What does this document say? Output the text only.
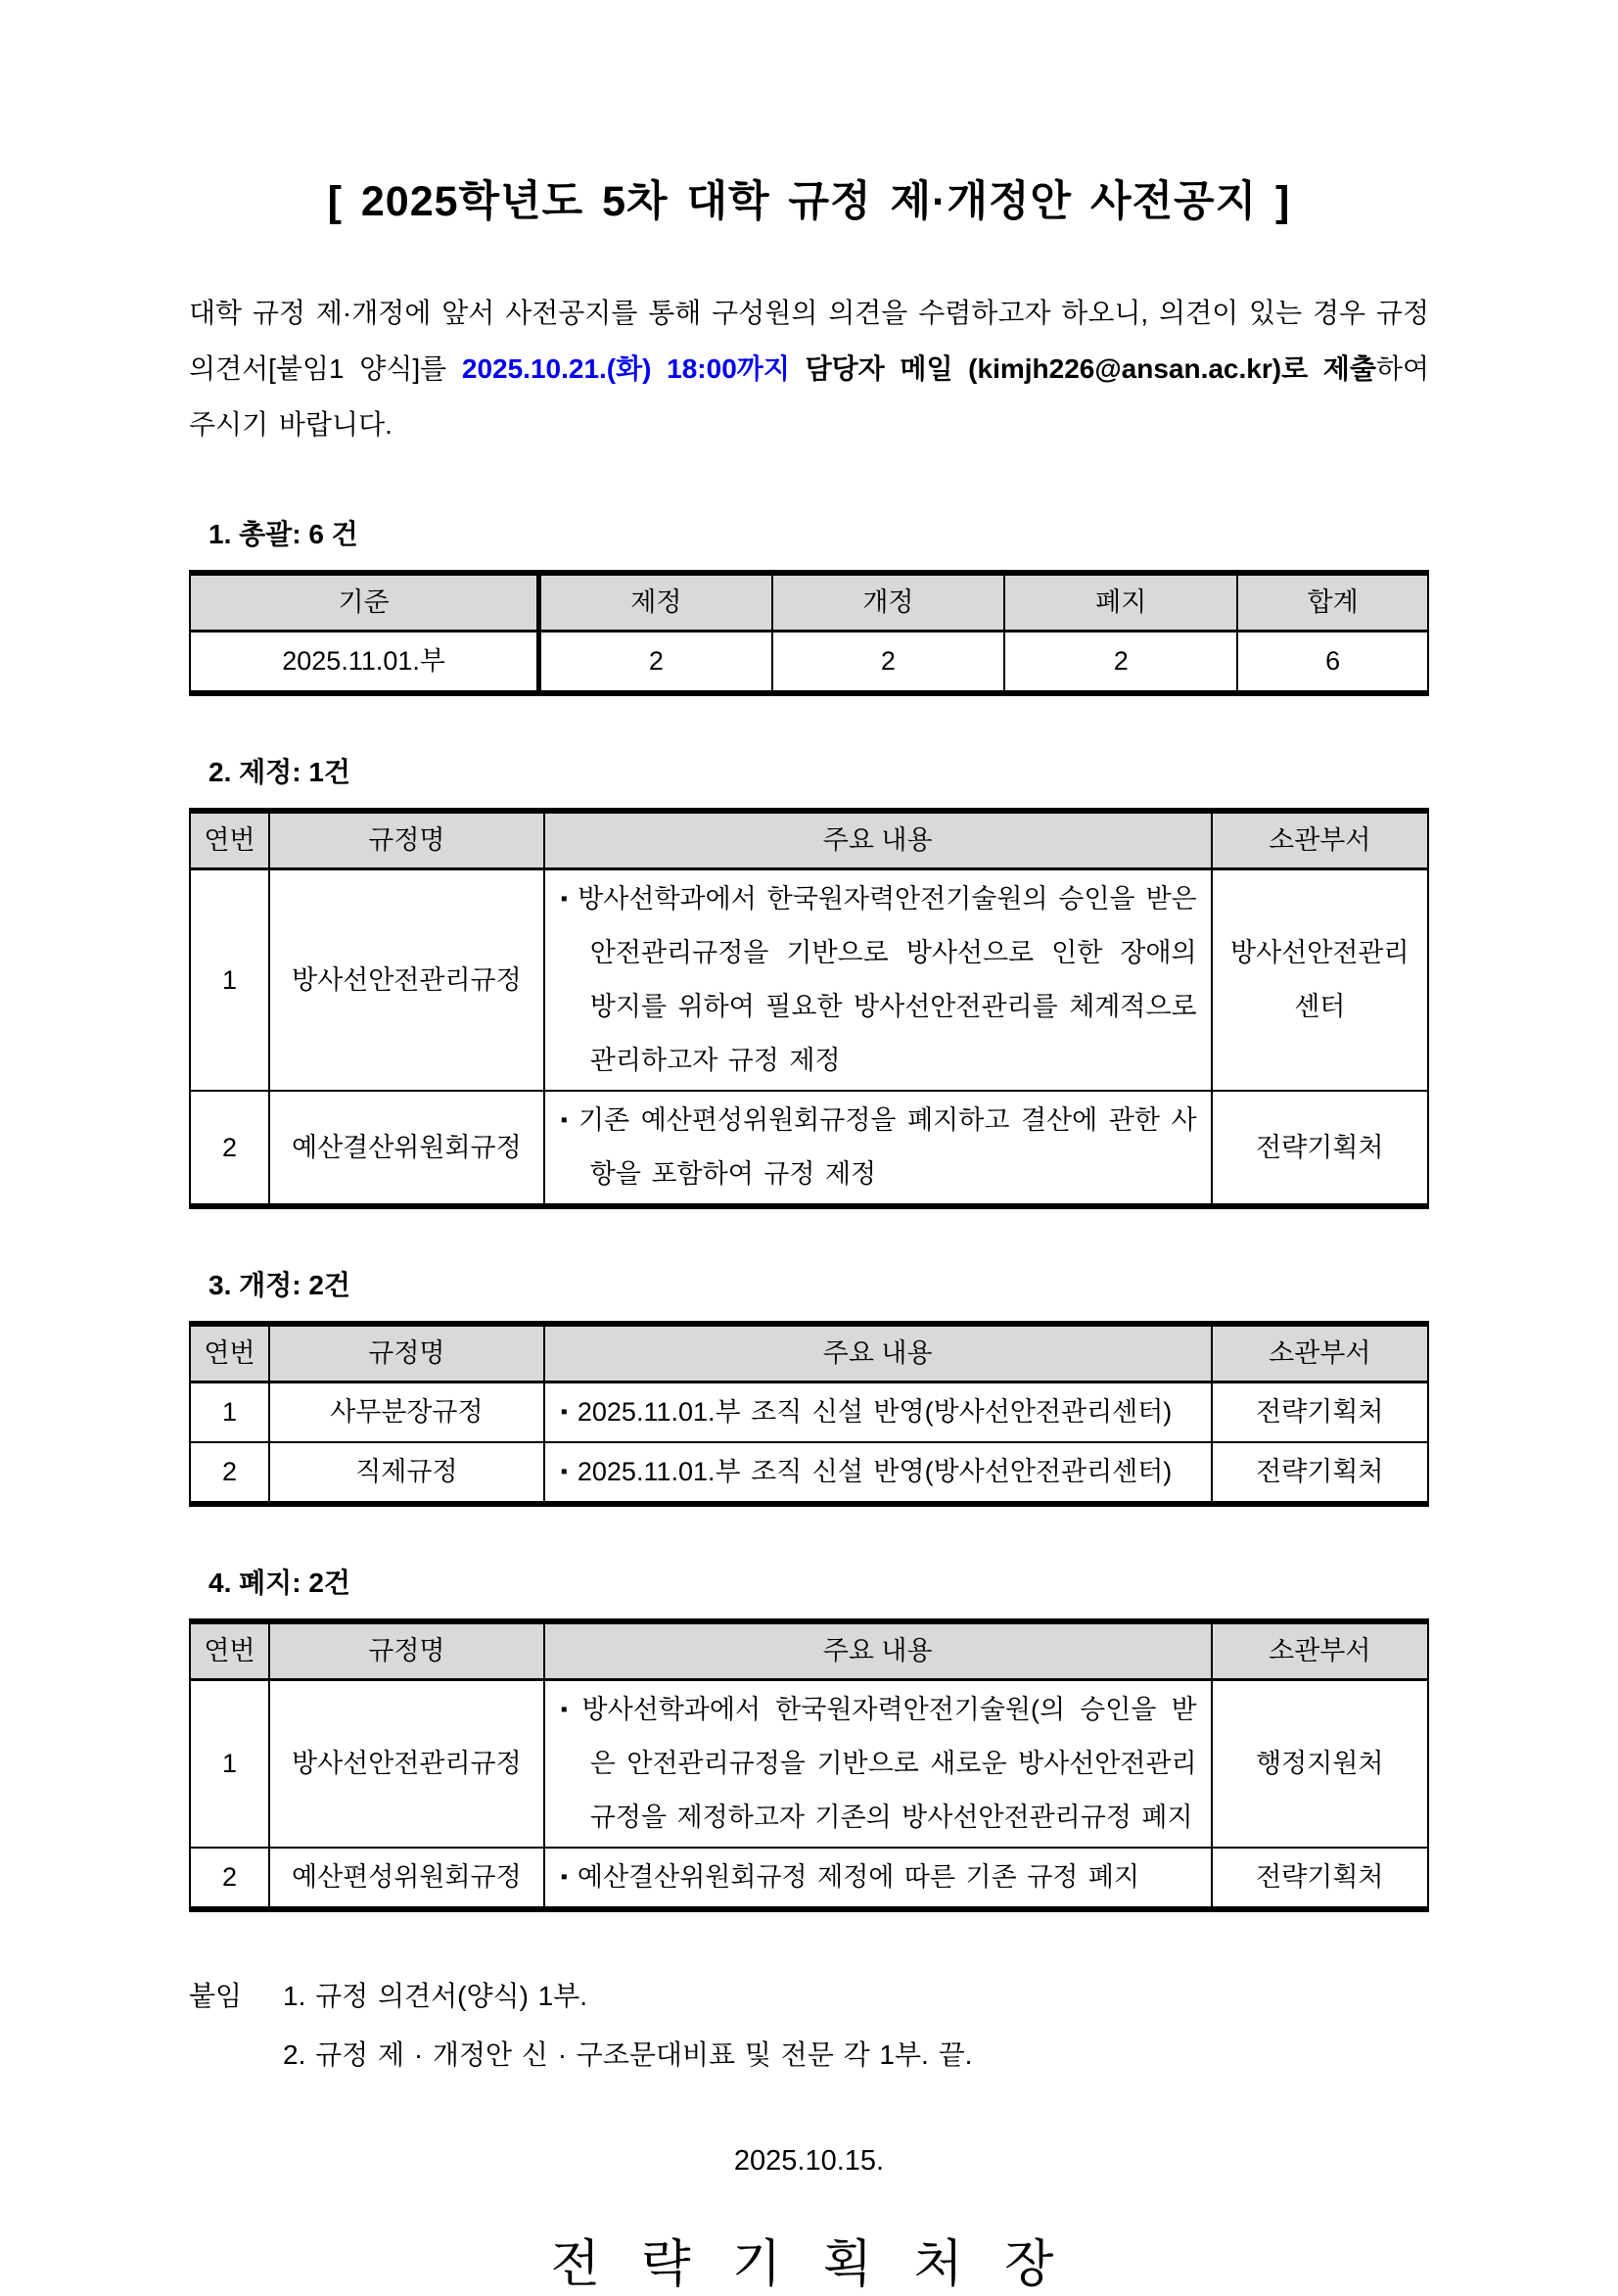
[ 2025학년도 5차 대학 규정 제·개정안 사전공지 ]

대학 규정 제·개정에 앞서 사전공지를 통해 구성원의 의견을 수렴하고자 하오니, 의견이 있는 경우 규정 의견서[붙임1 양식]를 2025.10.21.(화) 18:00까지 담당자 메일 (kimjh226@ansan.ac.kr)로 제출하여 주시기 바랍니다.

1. 총괄: 6 건
기준	제정	개정	폐지	합계
2025.11.01.부	2	2	2	6
2. 제정: 1건
연번	규정명	주요 내용	소관부서
1	방사선안전관리규정	▪ 방사선학과에서 한국원자력안전기술원의 승인을 받은 안전관리규정을 기반으로 방사선으로 인한 장애의 방지를 위하여 필요한 방사선안전관리를 체계적으로 관리하고자 규정 제정	방사선안전관리 센터
2	예산결산위원회규정	▪ 기존 예산편성위원회규정을 폐지하고 결산에 관한 사항을 포함하여 규정 제정	전략기획처
3. 개정: 2건
연번	규정명	주요 내용	소관부서
1	사무분장규정	▪ 2025.11.01.부 조직 신설 반영(방사선안전관리센터)	전략기획처
2	직제규정	▪ 2025.11.01.부 조직 신설 반영(방사선안전관리센터)	전략기획처
4. 폐지: 2건
연번	규정명	주요 내용	소관부서
1	방사선안전관리규정	▪ 방사선학과에서 한국원자력안전기술원(의 승인을 받은 안전관리규정을 기반으로 새로운 방사선안전관리규정을 제정하고자 기존의 방사선안전관리규정 폐지	행정지원처
2	예산편성위원회규정	▪ 예산결산위원회규정 제정에 따른 기존 규정 폐지	전략기획처
붙임	1. 규정 의견서(양식) 1부.
2. 규정 제 · 개정안 신 · 구조문대비표 및 전문 각 1부. 끝.
2025.10.15.
전 략 기 획 처 장
